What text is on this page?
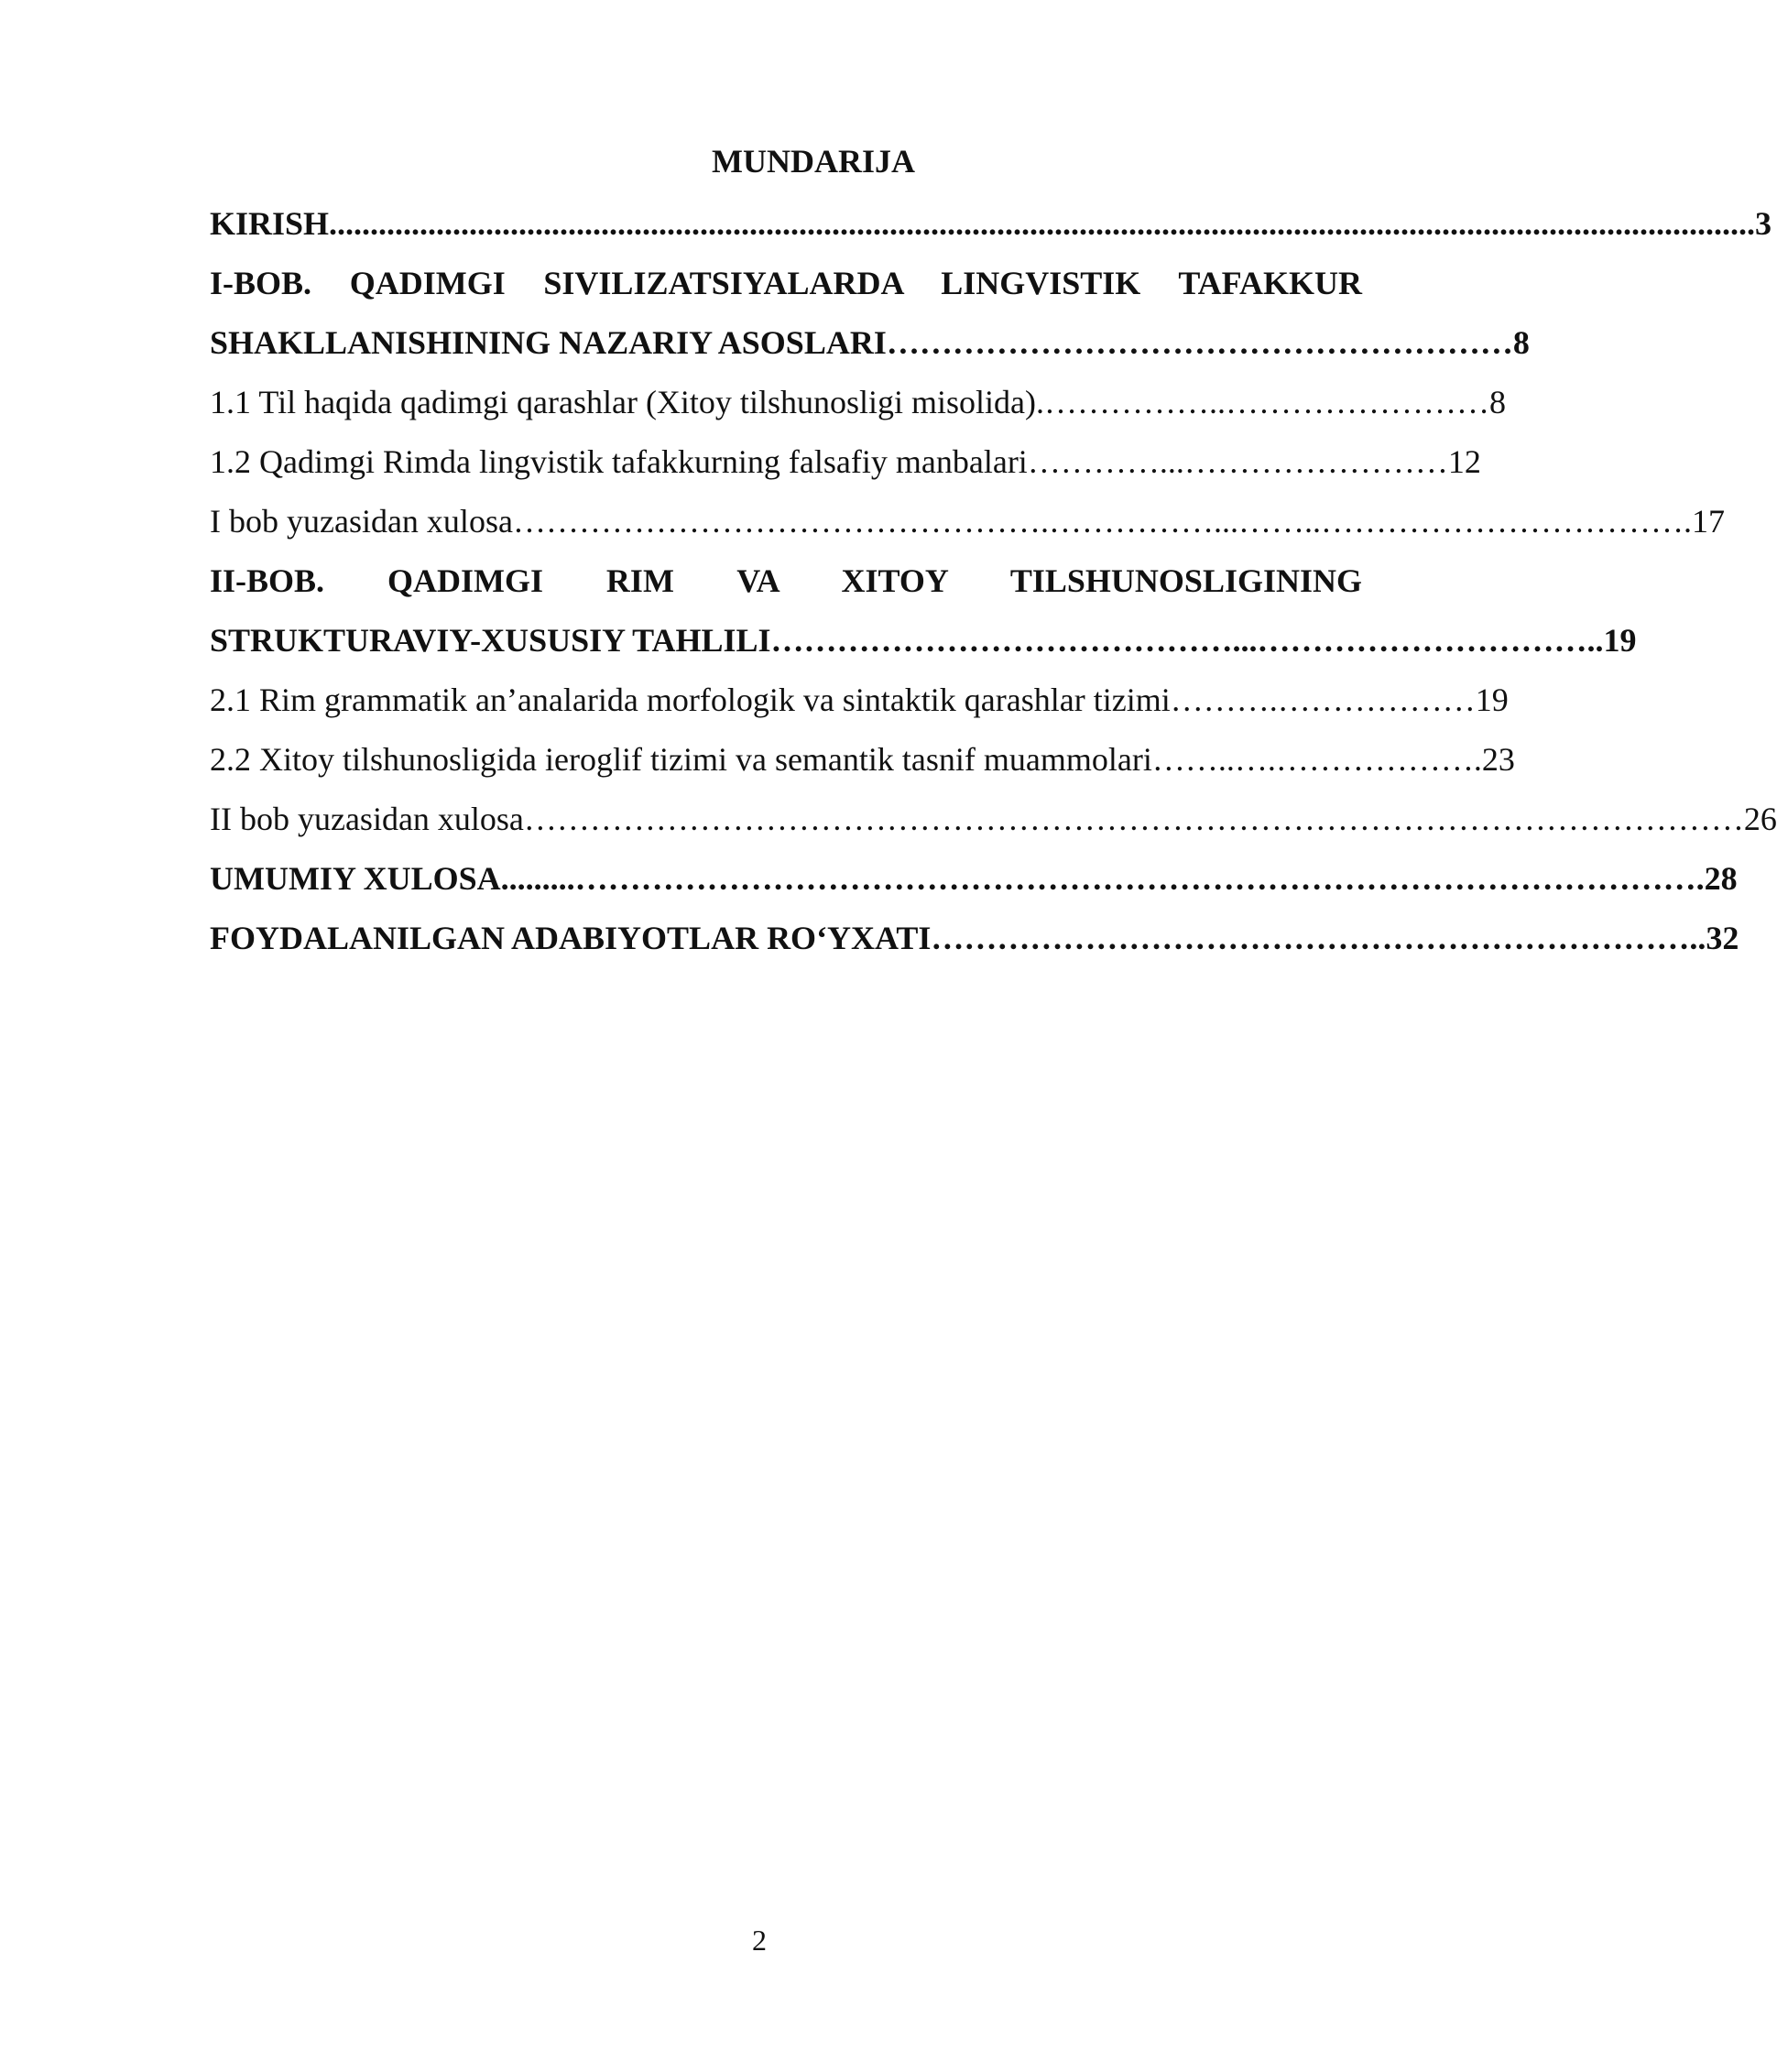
MUNDARIJA
KIRISH ............................................................................................................................................................................ .3
I-BOB. QADIMGI SIVILIZATSIYALARDA LINGVISTIK TAFAKKUR
SHAKLLANISHINING NAZARIY ASOSLARI ………………………………………………… 8
1.1 Til haqida qadimgi qarashlar (Xitoy tilshunosligi misolida). ……………..…………………… 8
1.2 Qadimgi Rimda lingvistik tafakkurning falsafiy manbalari …………...…………………… 12
I bob yuzasidan xulosa ………………………………………….……………...……..…………………………… .17
II-BOB. QADIMGI RIM VA XITOY TILSHUNOSLIGINING
STRUKTURAVIY-XUSUSIY TAHLILI ……………………………………...………………………… ..19
2.1 Rim grammatik an’analarida morfologik va sintaktik qarashlar tizimi ……….……………… 19
2.2 Xitoy tilshunosligida ieroglif tizimi va semantik tasnif muammolari ……..….……………… .23
II bob yuzasidan xulosa ………………………………………………………………………………………………… 26
UMUMIY XULOSA .........………………………………………………………………………………………… .28
FOYDALANILGAN ADABIYOTLAR RO‘YXATI …………………………………………………………… ..32
2
